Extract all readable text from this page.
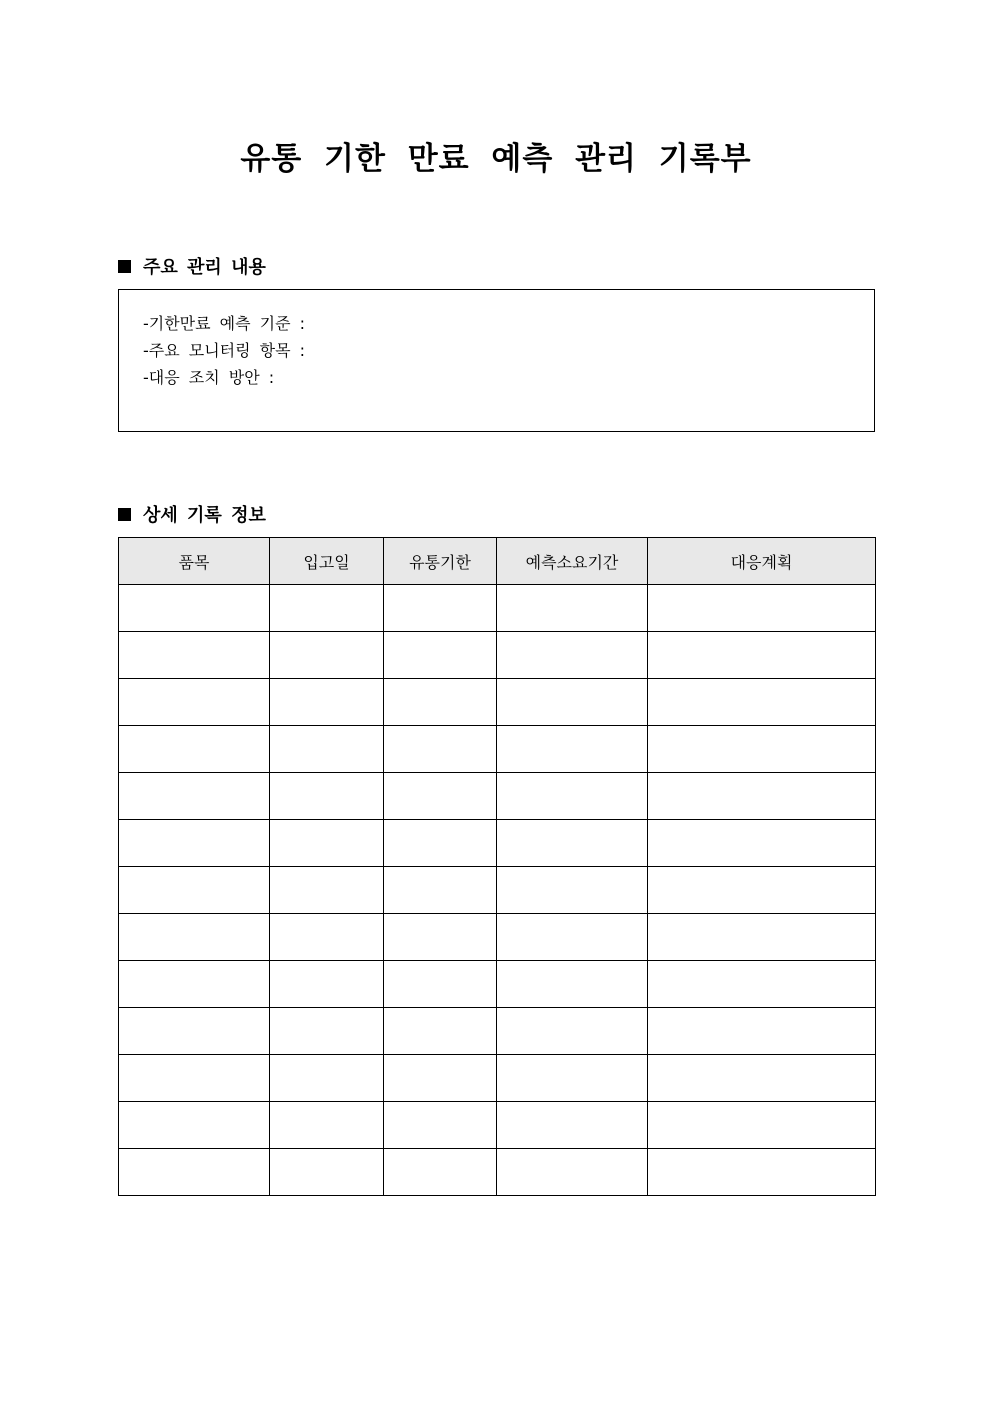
유통 기한 만료 예측 관리 기록부
주요 관리 내용
-기한만료 예측 기준 :
-주요 모니터링 항목 :
-대응 조치 방안 :
상세 기록 정보
품목	입고일	유통기한	예측소요기간	대응계획
